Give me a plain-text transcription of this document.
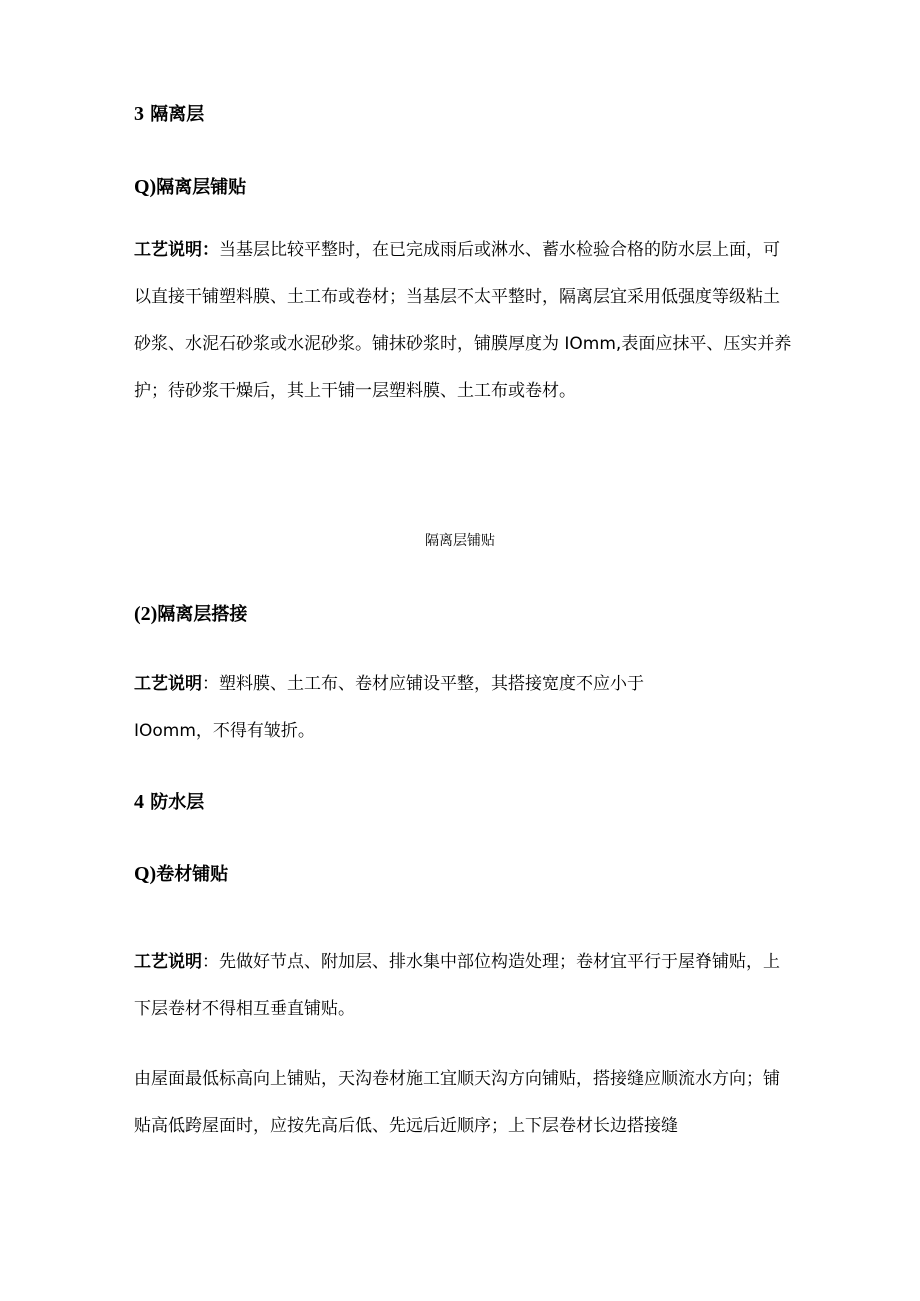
3 隔离层
Q)隔离层铺贴

工艺说明：当基层比较平整时，在已完成雨后或淋水、蓄水检验合格的防水层上面，可以直接干铺塑料膜、土工布或卷材；当基层不太平整时，隔离层宜采用低强度等级粘土砂浆、水泥石砂浆或水泥砂浆。铺抹砂浆时，铺膜厚度为 IOmm,表面应抹平、压实并养护；待砂浆干燥后，其上干铺一层塑料膜、土工布或卷材。

隔离层铺贴
(2)隔离层搭接

工艺说明：塑料膜、土工布、卷材应铺设平整，其搭接宽度不应小于
IOomm，不得有皱折。

4 防水层
Q)卷材铺贴

工艺说明：先做好节点、附加层、排水集中部位构造处理；卷材宜平行于屋脊铺贴，上下层卷材不得相互垂直铺贴。

由屋面最低标高向上铺贴，天沟卷材施工宜顺天沟方向铺贴，搭接缝应顺流水方向；铺贴高低跨屋面时，应按先高后低、先远后近顺序；上下层卷材长边搭接缝
